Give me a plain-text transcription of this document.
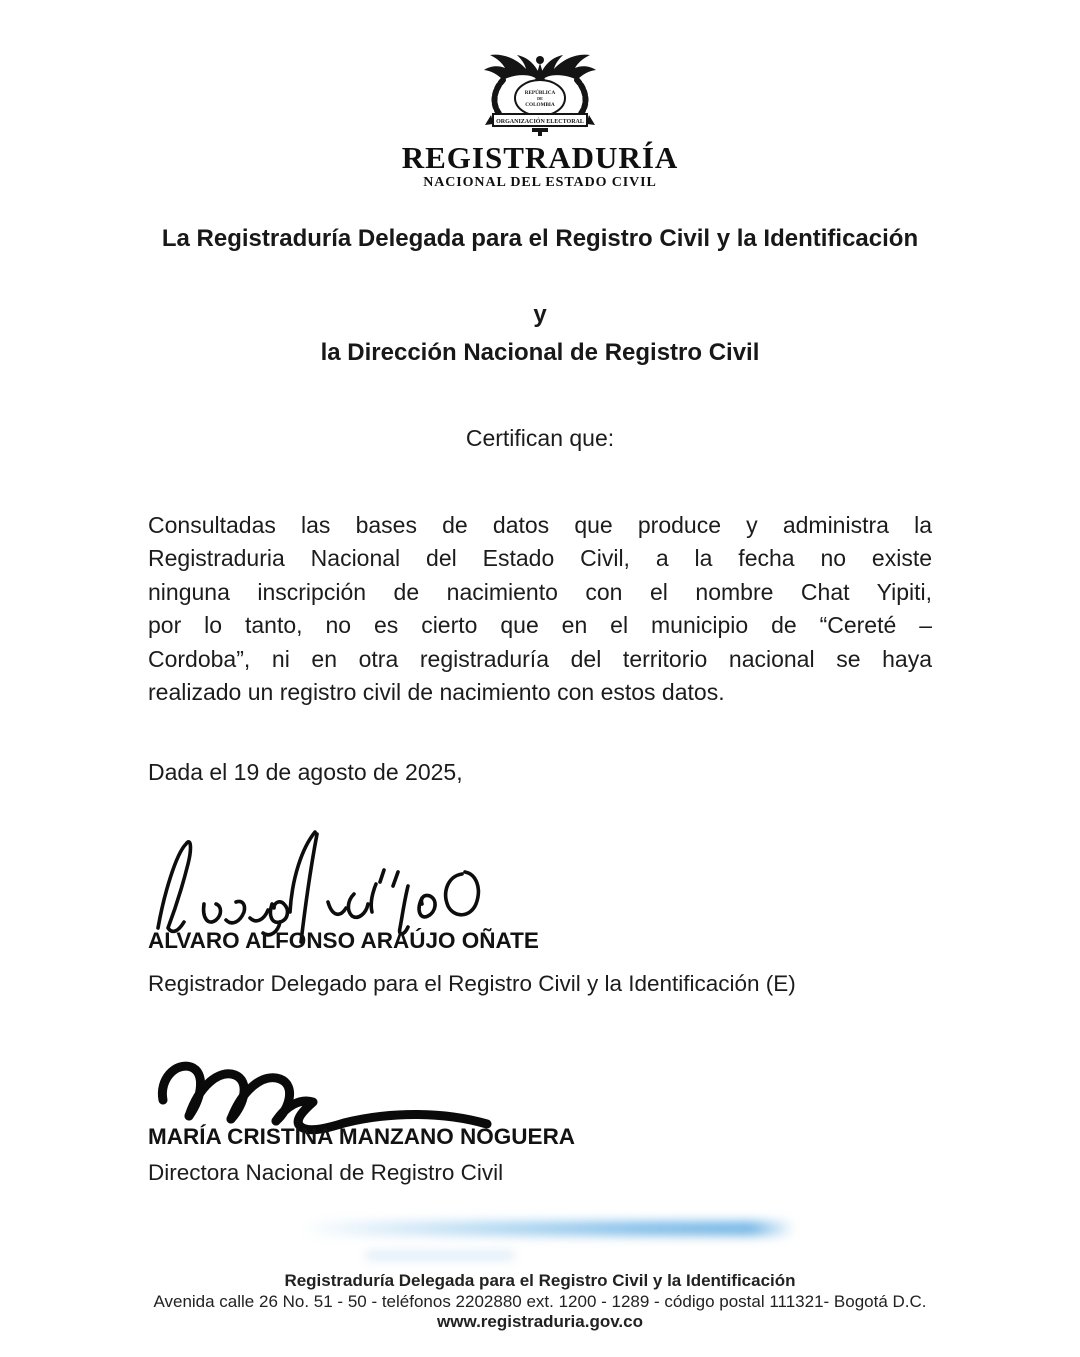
REPÚBLICA
DE
COLOMBIA
ORGANIZACIÓN ELECTORAL
REGISTRADURÍA
NACIONAL DEL ESTADO CIVIL
La Registraduría Delegada para el Registro Civil y la Identificación
y
la Dirección Nacional de Registro Civil
Certifican que:
Consultadas las bases de datos que produce y administra la
Registraduria Nacional del Estado Civil, a la fecha no existe
ninguna inscripción de nacimiento con el nombre Chat Yipiti,
por lo tanto, no es cierto que en el municipio de “Cereté –
Cordoba”, ni en otra registraduría del territorio nacional se haya
realizado un registro civil de nacimiento con estos datos.
Dada el 19 de agosto de 2025,
ALVARO ALFONSO ARAÚJO OÑATE
Registrador Delegado para el Registro Civil y la Identificación (E)
MARÍA CRISTINA MANZANO NOGUERA
Directora Nacional de Registro Civil
Registraduría Delegada para el Registro Civil y la Identificación
Avenida calle 26 No. 51 - 50 - teléfonos 2202880 ext. 1200 - 1289 - código postal 111321- Bogotá D.C.
www.registraduria.gov.co
